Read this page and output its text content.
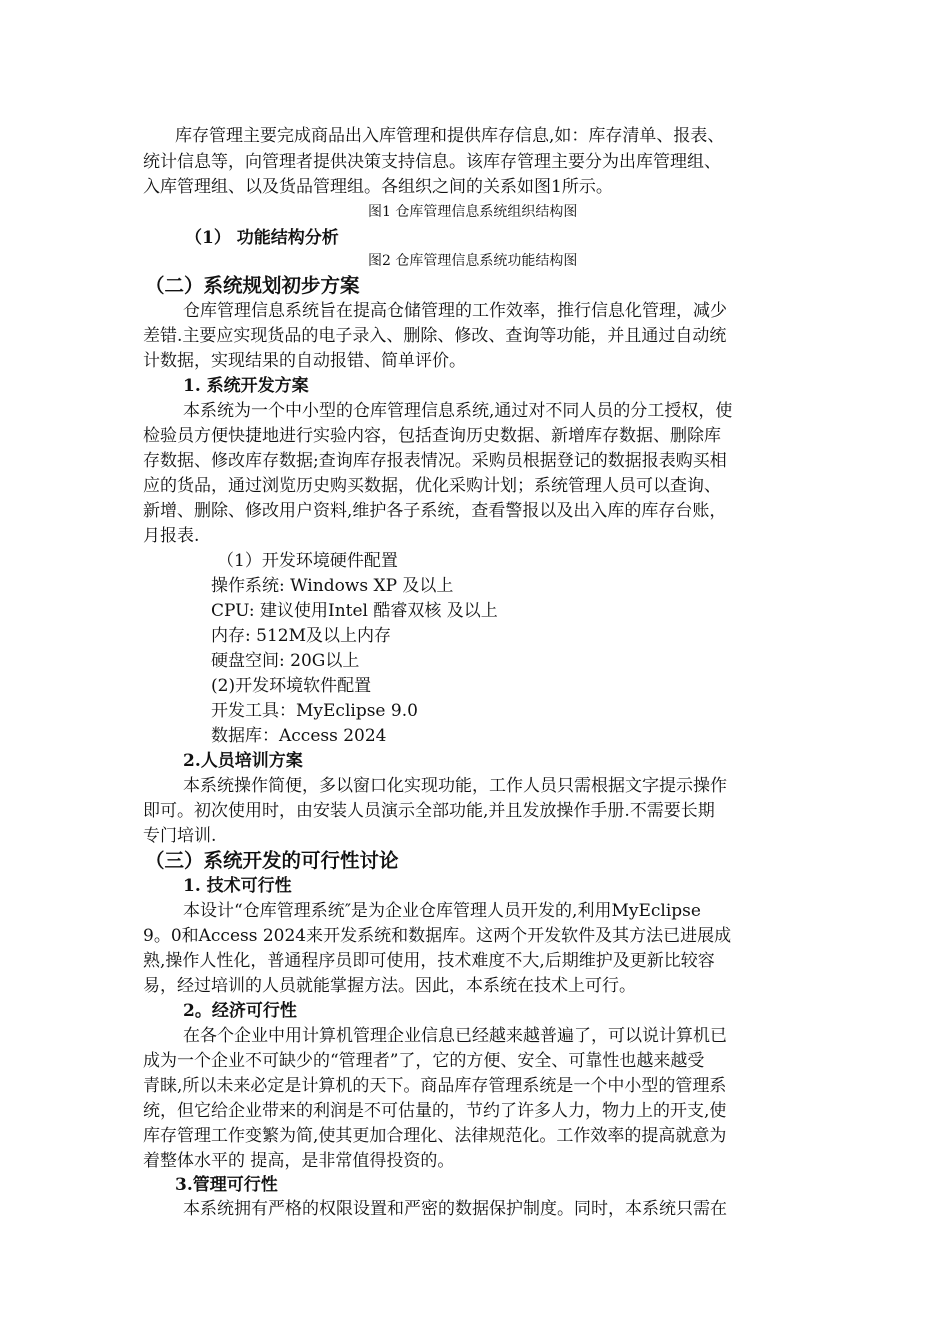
库存管理主要完成商品出入库管理和提供库存信息,如：库存清单、报表、
统计信息等，向管理者提供决策支持信息。该库存管理主要分为出库管理组、
入库管理组、以及货品管理组。各组织之间的关系如图1所示。
图1 仓库管理信息系统组织结构图
（1） 功能结构分析
图2 仓库管理信息系统功能结构图
（二）系统规划初步方案
仓库管理信息系统旨在提高仓储管理的工作效率，推行信息化管理，减少
差错.主要应实现货品的电子录入、删除、修改、查询等功能，并且通过自动统
计数据，实现结果的自动报错、简单评价。
1. 系统开发方案
本系统为一个中小型的仓库管理信息系统,通过对不同人员的分工授权，使
检验员方便快捷地进行实验内容，包括查询历史数据、新增库存数据、删除库
存数据、修改库存数据;查询库存报表情况。采购员根据登记的数据报表购买相
应的货品，通过浏览历史购买数据，优化采购计划；系统管理人员可以查询、
新增、删除、修改用户资料,维护各子系统，查看警报以及出入库的库存台账，
月报表.
（1）开发环境硬件配置
操作系统: Windows XP 及以上
CPU: 建议使用Intel 酷睿双核 及以上
内存: 512M及以上内存
硬盘空间: 20G以上
(2)开发环境软件配置
开发工具：MyEclipse 9.0
数据库：Access 2024
2.人员培训方案
本系统操作简便，多以窗口化实现功能，工作人员只需根据文字提示操作
即可。初次使用时，由安装人员演示全部功能,并且发放操作手册.不需要长期
专门培训.
（三）系统开发的可行性讨论
1. 技术可行性
本设计“仓库管理系统″是为企业仓库管理人员开发的,利用MyEclipse
9。0和Access 2024来开发系统和数据库。这两个开发软件及其方法已进展成
熟,操作人性化，普通程序员即可使用，技术难度不大,后期维护及更新比较容
易，经过培训的人员就能掌握方法。因此，本系统在技术上可行。
2。经济可行性
在各个企业中用计算机管理企业信息已经越来越普遍了，可以说计算机已
成为一个企业不可缺少的“管理者”了，它的方便、安全、可靠性也越来越受
青睐,所以未来必定是计算机的天下。商品库存管理系统是一个中小型的管理系
统，但它给企业带来的利润是不可估量的，节约了许多人力，物力上的开支,使
库存管理工作变繁为简,使其更加合理化、法律规范化。工作效率的提高就意为
着整体水平的 提高，是非常值得投资的。
3.管理可行性
本系统拥有严格的权限设置和严密的数据保护制度。同时，本系统只需在
